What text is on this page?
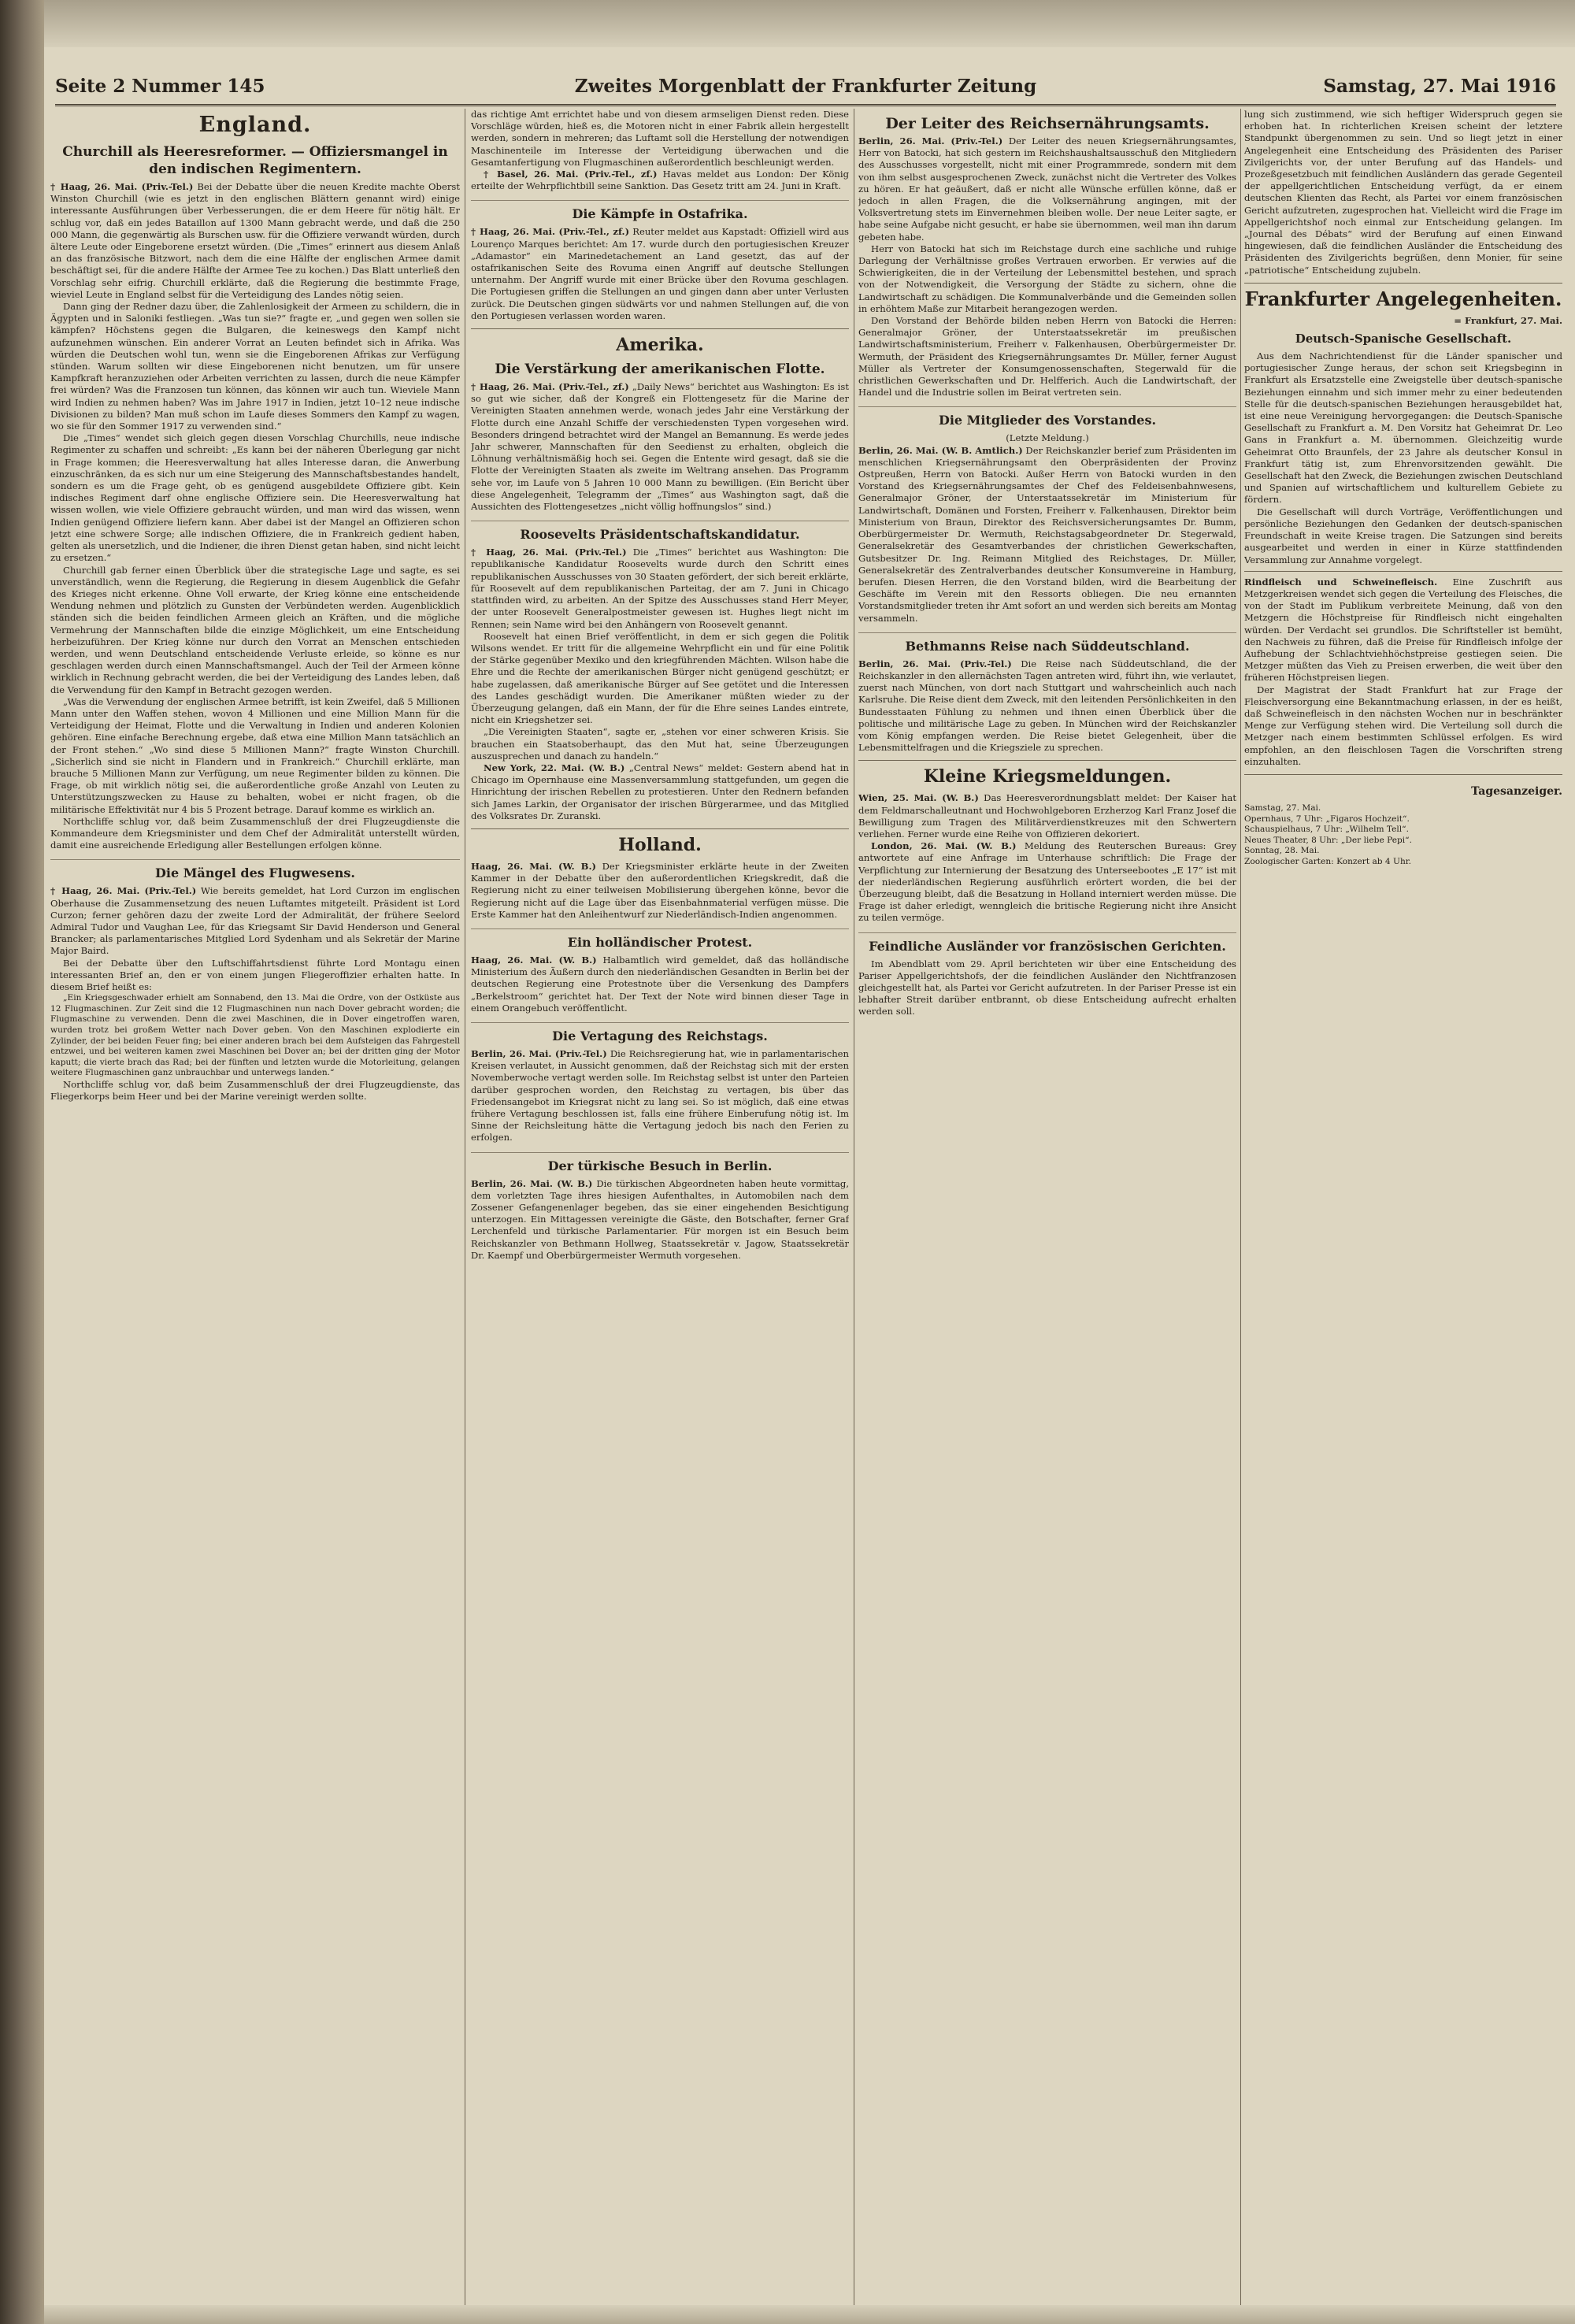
Seite 2 Nummer 145	Zweites Morgenblatt der Frankfurter Zeitung	Samstag, 27. Mai 1916
England.
Churchill als Heeresreformer. — Offiziersmangel in den indischen Regimentern.

† Haag, 26. Mai. (Priv.-Tel.) Bei der Debatte über die neuen Kredite machte Oberst Winston Churchill (wie es jetzt in den englischen Blättern genannt wird) einige interessante Ausführungen über Verbesserungen, die er dem Heere für nötig hält. Er schlug vor, daß ein jedes Bataillon auf 1300 Mann gebracht werde, und daß die 250 000 Mann, die gegenwärtig als Burschen usw. für die Offiziere verwandt würden, durch ältere Leute oder Eingeborene ersetzt würden. (Die „Times“ erinnert aus diesem Anlaß an das französische Bitzwort, nach dem die eine Hälfte der englischen Armee damit beschäftigt sei, für die andere Hälfte der Armee Tee zu kochen.) Das Blatt unterließ den Vorschlag sehr eifrig. Churchill erklärte, daß die Regierung die bestimmte Frage, wieviel Leute in England selbst für die Verteidigung des Landes nötig seien.

Dann ging der Redner dazu über, die Zahlenlosigkeit der Armeen zu schildern, die in Ägypten und in Saloniki festliegen. „Was tun sie?“ fragte er, „und gegen wen sollen sie kämpfen? Höchstens gegen die Bulgaren, die keineswegs den Kampf nicht aufzunehmen wünschen. Ein anderer Vorrat an Leuten befindet sich in Afrika. Was würden die Deutschen wohl tun, wenn sie die Eingeborenen Afrikas zur Verfügung stünden. Warum sollten wir diese Eingeborenen nicht benutzen, um für unsere Kampfkraft heranzuziehen oder Arbeiten verrichten zu lassen, durch die neue Kämpfer frei würden? Was die Franzosen tun können, das können wir auch tun. Wieviele Mann wird Indien zu nehmen haben? Was im Jahre 1917 in Indien, jetzt 10–12 neue indische Divisionen zu bilden? Man muß schon im Laufe dieses Sommers den Kampf zu wagen, wo sie für den Sommer 1917 zu verwenden sind.“

Die „Times“ wendet sich gleich gegen diesen Vorschlag Churchills, neue indische Regimenter zu schaffen und schreibt: „Es kann bei der näheren Überlegung gar nicht in Frage kommen; die Heeresverwaltung hat alles Interesse daran, die Anwerbung einzuschränken, da es sich nur um eine Steigerung des Mannschaftsbestandes handelt, sondern es um die Frage geht, ob es genügend ausgebildete Offiziere gibt. Kein indisches Regiment darf ohne englische Offiziere sein. Die Heeresverwaltung hat wissen wollen, wie viele Offiziere gebraucht würden, und man wird das wissen, wenn Indien genügend Offiziere liefern kann. Aber dabei ist der Mangel an Offizieren schon jetzt eine schwere Sorge; alle indischen Offiziere, die in Frankreich gedient haben, gelten als unersetzlich, und die Indiener, die ihren Dienst getan haben, sind nicht leicht zu ersetzen.“

Churchill gab ferner einen Überblick über die strategische Lage und sagte, es sei unverständlich, wenn die Regierung, die Regierung in diesem Augenblick die Gefahr des Krieges nicht erkenne. Ohne Voll erwarte, der Krieg könne eine entscheidende Wendung nehmen und plötzlich zu Gunsten der Verbündeten werden. Augenblicklich ständen sich die beiden feindlichen Armeen gleich an Kräften, und die mögliche Vermehrung der Mannschaften bilde die einzige Möglichkeit, um eine Entscheidung herbeizuführen. Der Krieg könne nur durch den Vorrat an Menschen entschieden werden, und wenn Deutschland entscheidende Verluste erleide, so könne es nur geschlagen werden durch einen Mannschaftsmangel. Auch der Teil der Armeen könne wirklich in Rechnung gebracht werden, die bei der Verteidigung des Landes leben, daß die Verwendung für den Kampf in Betracht gezogen werden.

„Was die Verwendung der englischen Armee betrifft, ist kein Zweifel, daß 5 Millionen Mann unter den Waffen stehen, wovon 4 Millionen und eine Million Mann für die Verteidigung der Heimat, Flotte und die Verwaltung in Indien und anderen Kolonien gehören. Eine einfache Berechnung ergebe, daß etwa eine Million Mann tatsächlich an der Front stehen.“ „Wo sind diese 5 Millionen Mann?“ fragte Winston Churchill. „Sicherlich sind sie nicht in Flandern und in Frankreich.“ Churchill erklärte, man brauche 5 Millionen Mann zur Verfügung, um neue Regimenter bilden zu können. Die Frage, ob mit wirklich nötig sei, die außerordentliche große Anzahl von Leuten zu Unterstützungszwecken zu Hause zu behalten, wobei er nicht fragen, ob die militärische Effektivität nur 4 bis 5 Prozent betrage. Darauf komme es wirklich an.

Northcliffe schlug vor, daß beim Zusammenschluß der drei Flugzeugdienste die Kommandeure dem Kriegsminister und dem Chef der Admiralität unterstellt würden, damit eine ausreichende Erledigung aller Bestellungen erfolgen könne.

Die Mängel des Flugwesens.

† Haag, 26. Mai. (Priv.-Tel.) Wie bereits gemeldet, hat Lord Curzon im englischen Oberhause die Zusammensetzung des neuen Luftamtes mitgeteilt. Präsident ist Lord Curzon; ferner gehören dazu der zweite Lord der Admiralität, der frühere Seelord Admiral Tudor und Vaughan Lee, für das Kriegsamt Sir David Henderson und General Brancker; als parlamentarisches Mitglied Lord Sydenham und als Sekretär der Marine Major Baird.

Bei der Debatte über den Luftschiffahrtsdienst führte Lord Montagu einen interessanten Brief an, den er von einem jungen Fliegeroffizier erhalten hatte. In diesem Brief heißt es:

„Ein Kriegsgeschwader erhielt am Sonnabend, den 13. Mai die Ordre, von der Ostküste aus 12 Flugmaschinen. Zur Zeit sind die 12 Flugmaschinen nun nach Dover gebracht worden; die Flugmaschine zu verwenden. Denn die zwei Maschinen, die in Dover eingetroffen waren, wurden trotz bei großem Wetter nach Dover geben. Von den Maschinen explodierte ein Zylinder, der bei beiden Feuer fing; bei einer anderen brach bei dem Aufsteigen das Fahrgestell entzwei, und bei weiteren kamen zwei Maschinen bei Dover an; bei der dritten ging der Motor kaputt; die vierte brach das Rad; bei der fünften und letzten wurde die Motorleitung, gelangen weitere Flugmaschinen ganz unbrauchbar und unterwegs landen.“

Northcliffe schlug vor, daß beim Zusammenschluß der drei Flugzeugdienste, das Fliegerkorps beim Heer und bei der Marine vereinigt werden sollte.

das richtige Amt errichtet habe und von diesem armseligen Dienst reden. Diese Vorschläge würden, hieß es, die Motoren nicht in einer Fabrik allein hergestellt werden, sondern in mehreren; das Luftamt soll die Herstellung der notwendigen Maschinenteile im Interesse der Verteidigung überwachen und die Gesamtanfertigung von Flugmaschinen außerordentlich beschleunigt werden.

† Basel, 26. Mai. (Priv.-Tel., zf.) Havas meldet aus London: Der König erteilte der Wehrpflichtbill seine Sanktion. Das Gesetz tritt am 24. Juni in Kraft.

Die Kämpfe in Ostafrika.

† Haag, 26. Mai. (Priv.-Tel., zf.) Reuter meldet aus Kapstadt: Offiziell wird aus Lourenço Marques berichtet: Am 17. wurde durch den portugiesischen Kreuzer „Adamastor“ ein Marinedetachement an Land gesetzt, das auf der ostafrikanischen Seite des Rovuma einen Angriff auf deutsche Stellungen unternahm. Der Angriff wurde mit einer Brücke über den Rovuma geschlagen. Die Portugiesen griffen die Stellungen an und gingen dann aber unter Verlusten zurück. Die Deutschen gingen südwärts vor und nahmen Stellungen auf, die von den Portugiesen verlassen worden waren.

Amerika.
Die Verstärkung der amerikanischen Flotte.

† Haag, 26. Mai. (Priv.-Tel., zf.) „Daily News“ berichtet aus Washington: Es ist so gut wie sicher, daß der Kongreß ein Flottengesetz für die Marine der Vereinigten Staaten annehmen werde, wonach jedes Jahr eine Verstärkung der Flotte durch eine Anzahl Schiffe der verschiedensten Typen vorgesehen wird. Besonders dringend betrachtet wird der Mangel an Bemannung. Es werde jedes Jahr schwerer, Mannschaften für den Seedienst zu erhalten, obgleich die Löhnung verhältnismäßig hoch sei. Gegen die Entente wird gesagt, daß sie die Flotte der Vereinigten Staaten als zweite im Weltrang ansehen. Das Programm sehe vor, im Laufe von 5 Jahren 10 000 Mann zu bewilligen. (Ein Bericht über diese Angelegenheit, Telegramm der „Times“ aus Washington sagt, daß die Aussichten des Flottengesetzes „nicht völlig hoffnungslos“ sind.)

Roosevelts Präsidentschaftskandidatur.

† Haag, 26. Mai. (Priv.-Tel.) Die „Times“ berichtet aus Washington: Die republikanische Kandidatur Roosevelts wurde durch den Schritt eines republikanischen Ausschusses von 30 Staaten gefördert, der sich bereit erklärte, für Roosevelt auf dem republikanischen Parteitag, der am 7. Juni in Chicago stattfinden wird, zu arbeiten. An der Spitze des Ausschusses stand Herr Meyer, der unter Roosevelt Generalpostmeister gewesen ist. Hughes liegt nicht im Rennen; sein Name wird bei den Anhängern von Roosevelt genannt.

Roosevelt hat einen Brief veröffentlicht, in dem er sich gegen die Politik Wilsons wendet. Er tritt für die allgemeine Wehrpflicht ein und für eine Politik der Stärke gegenüber Mexiko und den kriegführenden Mächten. Wilson habe die Ehre und die Rechte der amerikanischen Bürger nicht genügend geschützt; er habe zugelassen, daß amerikanische Bürger auf See getötet und die Interessen des Landes geschädigt wurden. Die Amerikaner müßten wieder zu der Überzeugung gelangen, daß ein Mann, der für die Ehre seines Landes eintrete, nicht ein Kriegshetzer sei.

„Die Vereinigten Staaten“, sagte er, „stehen vor einer schweren Krisis. Sie brauchen ein Staatsoberhaupt, das den Mut hat, seine Überzeugungen auszusprechen und danach zu handeln.“

New York, 22. Mai. (W. B.) „Central News“ meldet: Gestern abend hat in Chicago im Opernhause eine Massenversammlung stattgefunden, um gegen die Hinrichtung der irischen Rebellen zu protestieren. Unter den Rednern befanden sich James Larkin, der Organisator der irischen Bürgerarmee, und das Mitglied des Volksrates Dr. Zuranski.

Holland.

Haag, 26. Mai. (W. B.) Der Kriegsminister erklärte heute in der Zweiten Kammer in der Debatte über den außerordentlichen Kriegskredit, daß die Regierung nicht zu einer teilweisen Mobilisierung übergehen könne, bevor die Regierung nicht auf die Lage über das Eisenbahnmaterial verfügen müsse. Die Erste Kammer hat den Anleihentwurf zur Niederländisch-Indien angenommen.

Ein holländischer Protest.

Haag, 26. Mai. (W. B.) Halbamtlich wird gemeldet, daß das holländische Ministerium des Äußern durch den niederländischen Gesandten in Berlin bei der deutschen Regierung eine Protestnote über die Versenkung des Dampfers „Berkelstroom“ gerichtet hat. Der Text der Note wird binnen dieser Tage in einem Orangebuch veröffentlicht.

Die Vertagung des Reichstags.

Berlin, 26. Mai. (Priv.-Tel.) Die Reichsregierung hat, wie in parlamentarischen Kreisen verlautet, in Aussicht genommen, daß der Reichstag sich mit der ersten Novemberwoche vertagt werden solle. Im Reichstag selbst ist unter den Parteien darüber gesprochen worden, den Reichstag zu vertagen, bis über das Friedensangebot im Kriegsrat nicht zu lang sei. So ist möglich, daß eine etwas frühere Vertagung beschlossen ist, falls eine frühere Einberufung nötig ist. Im Sinne der Reichsleitung hätte die Vertagung jedoch bis nach den Ferien zu erfolgen.

Der türkische Besuch in Berlin.

Berlin, 26. Mai. (W. B.) Die türkischen Abgeordneten haben heute vormittag, dem vorletzten Tage ihres hiesigen Aufenthaltes, in Automobilen nach dem Zossener Gefangenenlager begeben, das sie einer eingehenden Besichtigung unterzogen. Ein Mittagessen vereinigte die Gäste, den Botschafter, ferner Graf Lerchenfeld und türkische Parlamentarier. Für morgen ist ein Besuch beim Reichskanzler von Bethmann Hollweg, Staatssekretär v. Jagow, Staatssekretär Dr. Kaempf und Oberbürgermeister Wermuth vorgesehen.

Der Leiter des Reichsernährungsamts.

Berlin, 26. Mai. (Priv.-Tel.) Der Leiter des neuen Kriegsernährungsamtes, Herr von Batocki, hat sich gestern im Reichshaushaltsausschuß den Mitgliedern des Ausschusses vorgestellt, nicht mit einer Programmrede, sondern mit dem von ihm selbst ausgesprochenen Zweck, zunächst nicht die Vertreter des Volkes zu hören. Er hat geäußert, daß er nicht alle Wünsche erfüllen könne, daß er jedoch in allen Fragen, die die Volksernährung angingen, mit der Volksvertretung stets im Einvernehmen bleiben wolle. Der neue Leiter sagte, er habe seine Aufgabe nicht gesucht, er habe sie übernommen, weil man ihn darum gebeten habe.

Herr von Batocki hat sich im Reichstage durch eine sachliche und ruhige Darlegung der Verhältnisse großes Vertrauen erworben. Er verwies auf die Schwierigkeiten, die in der Verteilung der Lebensmittel bestehen, und sprach von der Notwendigkeit, die Versorgung der Städte zu sichern, ohne die Landwirtschaft zu schädigen. Die Kommunalverbände und die Gemeinden sollen in erhöhtem Maße zur Mitarbeit herangezogen werden.

Den Vorstand der Behörde bilden neben Herrn von Batocki die Herren: Generalmajor Gröner, der Unterstaatssekretär im preußischen Landwirtschaftsministerium, Freiherr v. Falkenhausen, Oberbürgermeister Dr. Wermuth, der Präsident des Kriegsernährungsamtes Dr. Müller, ferner August Müller als Vertreter der Konsumgenossenschaften, Stegerwald für die christlichen Gewerkschaften und Dr. Helfferich. Auch die Landwirtschaft, der Handel und die Industrie sollen im Beirat vertreten sein.

Die Mitglieder des Vorstandes.
(Letzte Meldung.)

Berlin, 26. Mai. (W. B. Amtlich.) Der Reichskanzler berief zum Präsidenten im menschlichen Kriegsernährungsamt den Oberpräsidenten der Provinz Ostpreußen, Herrn von Batocki. Außer Herrn von Batocki wurden in den Vorstand des Kriegsernährungsamtes der Chef des Feldeisenbahnwesens, Generalmajor Gröner, der Unterstaatssekretär im Ministerium für Landwirtschaft, Domänen und Forsten, Freiherr v. Falkenhausen, Direktor beim Ministerium von Braun, Direktor des Reichsversicherungsamtes Dr. Bumm, Oberbürgermeister Dr. Wermuth, Reichstagsabgeordneter Dr. Stegerwald, Generalsekretär des Gesamtverbandes der christlichen Gewerkschaften, Gutsbesitzer Dr. Ing. Reimann Mitglied des Reichstages, Dr. Müller, Generalsekretär des Zentralverbandes deutscher Konsumvereine in Hamburg, berufen. Diesen Herren, die den Vorstand bilden, wird die Bearbeitung der Geschäfte im Verein mit den Ressorts obliegen. Die neu ernannten Vorstandsmitglieder treten ihr Amt sofort an und werden sich bereits am Montag versammeln.

Bethmanns Reise nach Süddeutschland.

Berlin, 26. Mai. (Priv.-Tel.) Die Reise nach Süddeutschland, die der Reichskanzler in den allernächsten Tagen antreten wird, führt ihn, wie verlautet, zuerst nach München, von dort nach Stuttgart und wahrscheinlich auch nach Karlsruhe. Die Reise dient dem Zweck, mit den leitenden Persönlichkeiten in den Bundesstaaten Fühlung zu nehmen und ihnen einen Überblick über die politische und militärische Lage zu geben. In München wird der Reichskanzler vom König empfangen werden. Die Reise bietet Gelegenheit, über die Lebensmittelfragen und die Kriegsziele zu sprechen.

Kleine Kriegsmeldungen.

Wien, 25. Mai. (W. B.) Das Heeresverordnungsblatt meldet: Der Kaiser hat dem Feldmarschalleutnant und Hochwohlgeboren Erzherzog Karl Franz Josef die Bewilligung zum Tragen des Militärverdienstkreuzes mit den Schwertern verliehen. Ferner wurde eine Reihe von Offizieren dekoriert.

London, 26. Mai. (W. B.) Meldung des Reuterschen Bureaus: Grey antwortete auf eine Anfrage im Unterhause schriftlich: Die Frage der Verpflichtung zur Internierung der Besatzung des Unterseebootes „E 17“ ist mit der niederländischen Regierung ausführlich erörtert worden, die bei der Überzeugung bleibt, daß die Besatzung in Holland interniert werden müsse. Die Frage ist daher erledigt, wenngleich die britische Regierung nicht ihre Ansicht zu teilen vermöge.

Feindliche Ausländer vor französischen Gerichten.

Im Abendblatt vom 29. April berichteten wir über eine Entscheidung des Pariser Appellgerichtshofs, der die feindlichen Ausländer den Nichtfranzosen gleichgestellt hat, als Partei vor Gericht aufzutreten. In der Pariser Presse ist ein lebhafter Streit darüber entbrannt, ob diese Entscheidung aufrecht erhalten werden soll.

lung sich zustimmend, wie sich heftiger Widerspruch gegen sie erhoben hat. In richterlichen Kreisen scheint der letztere Standpunkt übergenommen zu sein. Und so liegt jetzt in einer Angelegenheit eine Entscheidung des Präsidenten des Pariser Zivilgerichts vor, der unter Berufung auf das Handels- und Prozeßgesetzbuch mit feindlichen Ausländern das gerade Gegenteil der appellgerichtlichen Entscheidung verfügt, da er einem deutschen Klienten das Recht, als Partei vor einem französischen Gericht aufzutreten, zugesprochen hat. Vielleicht wird die Frage im Appellgerichtshof noch einmal zur Entscheidung gelangen. Im „Journal des Débats“ wird der Berufung auf einen Einwand hingewiesen, daß die feindlichen Ausländer die Entscheidung des Präsidenten des Zivilgerichts begrüßen, denn Monier, für seine „patriotische“ Entscheidung zujubeln.

Frankfurter Angelegenheiten.
= Frankfurt, 27. Mai.
Deutsch-Spanische Gesellschaft.

Aus dem Nachrichtendienst für die Länder spanischer und portugiesischer Zunge heraus, der schon seit Kriegsbeginn in Frankfurt als Ersatzstelle eine Zweigstelle über deutsch-spanische Beziehungen einnahm und sich immer mehr zu einer bedeutenden Stelle für die deutsch-spanischen Beziehungen herausgebildet hat, ist eine neue Vereinigung hervorgegangen: die Deutsch-Spanische Gesellschaft zu Frankfurt a. M. Den Vorsitz hat Geheimrat Dr. Leo Gans in Frankfurt a. M. übernommen. Gleichzeitig wurde Geheimrat Otto Braunfels, der 23 Jahre als deutscher Konsul in Frankfurt tätig ist, zum Ehrenvorsitzenden gewählt. Die Gesellschaft hat den Zweck, die Beziehungen zwischen Deutschland und Spanien auf wirtschaftlichem und kulturellem Gebiete zu fördern.

Die Gesellschaft will durch Vorträge, Veröffentlichungen und persönliche Beziehungen den Gedanken der deutsch-spanischen Freundschaft in weite Kreise tragen. Die Satzungen sind bereits ausgearbeitet und werden in einer in Kürze stattfindenden Versammlung zur Annahme vorgelegt.

Rindfleisch und Schweinefleisch. Eine Zuschrift aus Metzgerkreisen wendet sich gegen die Verteilung des Fleisches, die von der Stadt im Publikum verbreitete Meinung, daß von den Metzgern die Höchstpreise für Rindfleisch nicht eingehalten würden. Der Verdacht sei grundlos. Die Schriftsteller ist bemüht, den Nachweis zu führen, daß die Preise für Rindfleisch infolge der Aufhebung der Schlachtviehhöchstpreise gestiegen seien. Die Metzger müßten das Vieh zu Preisen erwerben, die weit über den früheren Höchstpreisen liegen.

Der Magistrat der Stadt Frankfurt hat zur Frage der Fleischversorgung eine Bekanntmachung erlassen, in der es heißt, daß Schweinefleisch in den nächsten Wochen nur in beschränkter Menge zur Verfügung stehen wird. Die Verteilung soll durch die Metzger nach einem bestimmten Schlüssel erfolgen. Es wird empfohlen, an den fleischlosen Tagen die Vorschriften streng einzuhalten.

Tagesanzeiger.
Samstag, 27. Mai.
Opernhaus, 7 Uhr: „Figaros Hochzeit“.
Schauspielhaus, 7 Uhr: „Wilhelm Tell“.
Neues Theater, 8 Uhr: „Der liebe Pepi“.
Sonntag, 28. Mai.
Zoologischer Garten: Konzert ab 4 Uhr.
